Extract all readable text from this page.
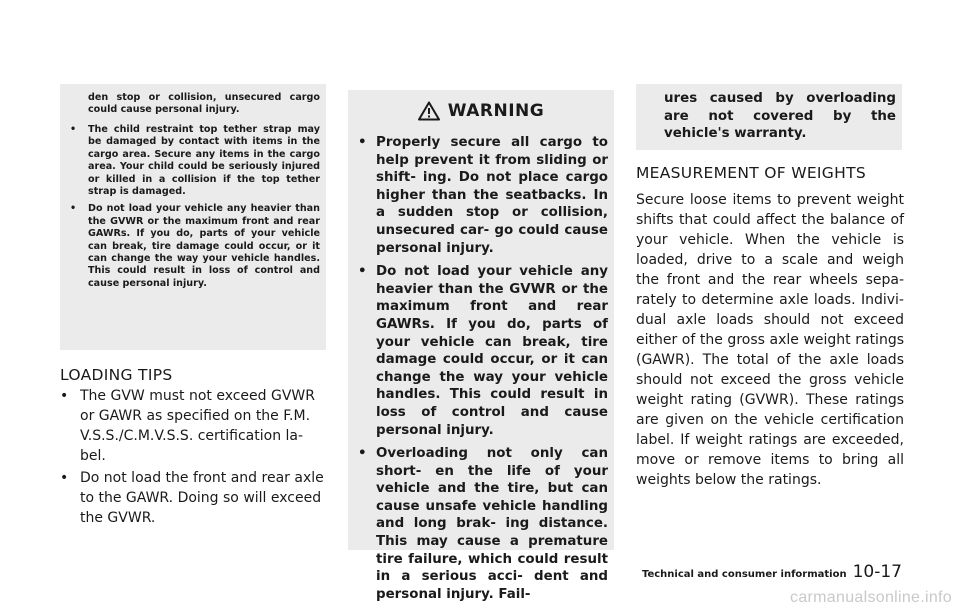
den stop or collision, unsecured cargo could cause personal injury.

• The child restraint top tether strap may be damaged by contact with items in the cargo area. Secure any items in the cargo area. Your child could be seriously injured or killed in a collision if the top tether strap is damaged.
• Do not load your vehicle any heavier than the GVWR or the maximum front and rear GAWRs. If you do, parts of your vehicle can break, tire damage could occur, or it can change the way your vehicle handles. This could result in loss of control and cause personal injury.
LOADING TIPS
• The GVW must not exceed GVWR or GAWR as specified on the F.M. V.S.S./C.M.V.S.S. certification la- bel.
• Do not load the front and rear axle to the GAWR. Doing so will exceed the GVWR.
WARNING
• Properly secure all cargo to help prevent it from sliding or shift- ing. Do not place cargo higher than the seatbacks. In a sudden stop or collision, unsecured car- go could cause personal injury.
• Do not load your vehicle any heavier than the GVWR or the maximum front and rear GAWRs. If you do, parts of your vehicle can break, tire damage could occur, or it can change the way your vehicle handles. This could result in loss of control and cause personal injury.
• Overloading not only can short- en the life of your vehicle and the tire, but can cause unsafe vehicle handling and long brak- ing distance. This may cause a premature tire failure, which could result in a serious acci- dent and personal injury. Fail-

ures caused by overloading are not covered by the vehicle's warranty.

MEASUREMENT OF WEIGHTS

Secure loose items to prevent weight shifts that could affect the balance of your vehicle. When the vehicle is loaded, drive to a scale and weigh the front and the rear wheels sepa- rately to determine axle loads. Indivi- dual axle loads should not exceed either of the gross axle weight ratings (GAWR). The total of the axle loads should not exceed the gross vehicle weight rating (GVWR). These ratings are given on the vehicle certification label. If weight ratings are exceeded, move or remove items to bring all weights below the ratings.

Technical and consumer information 10-17
carmanualsonline.info
